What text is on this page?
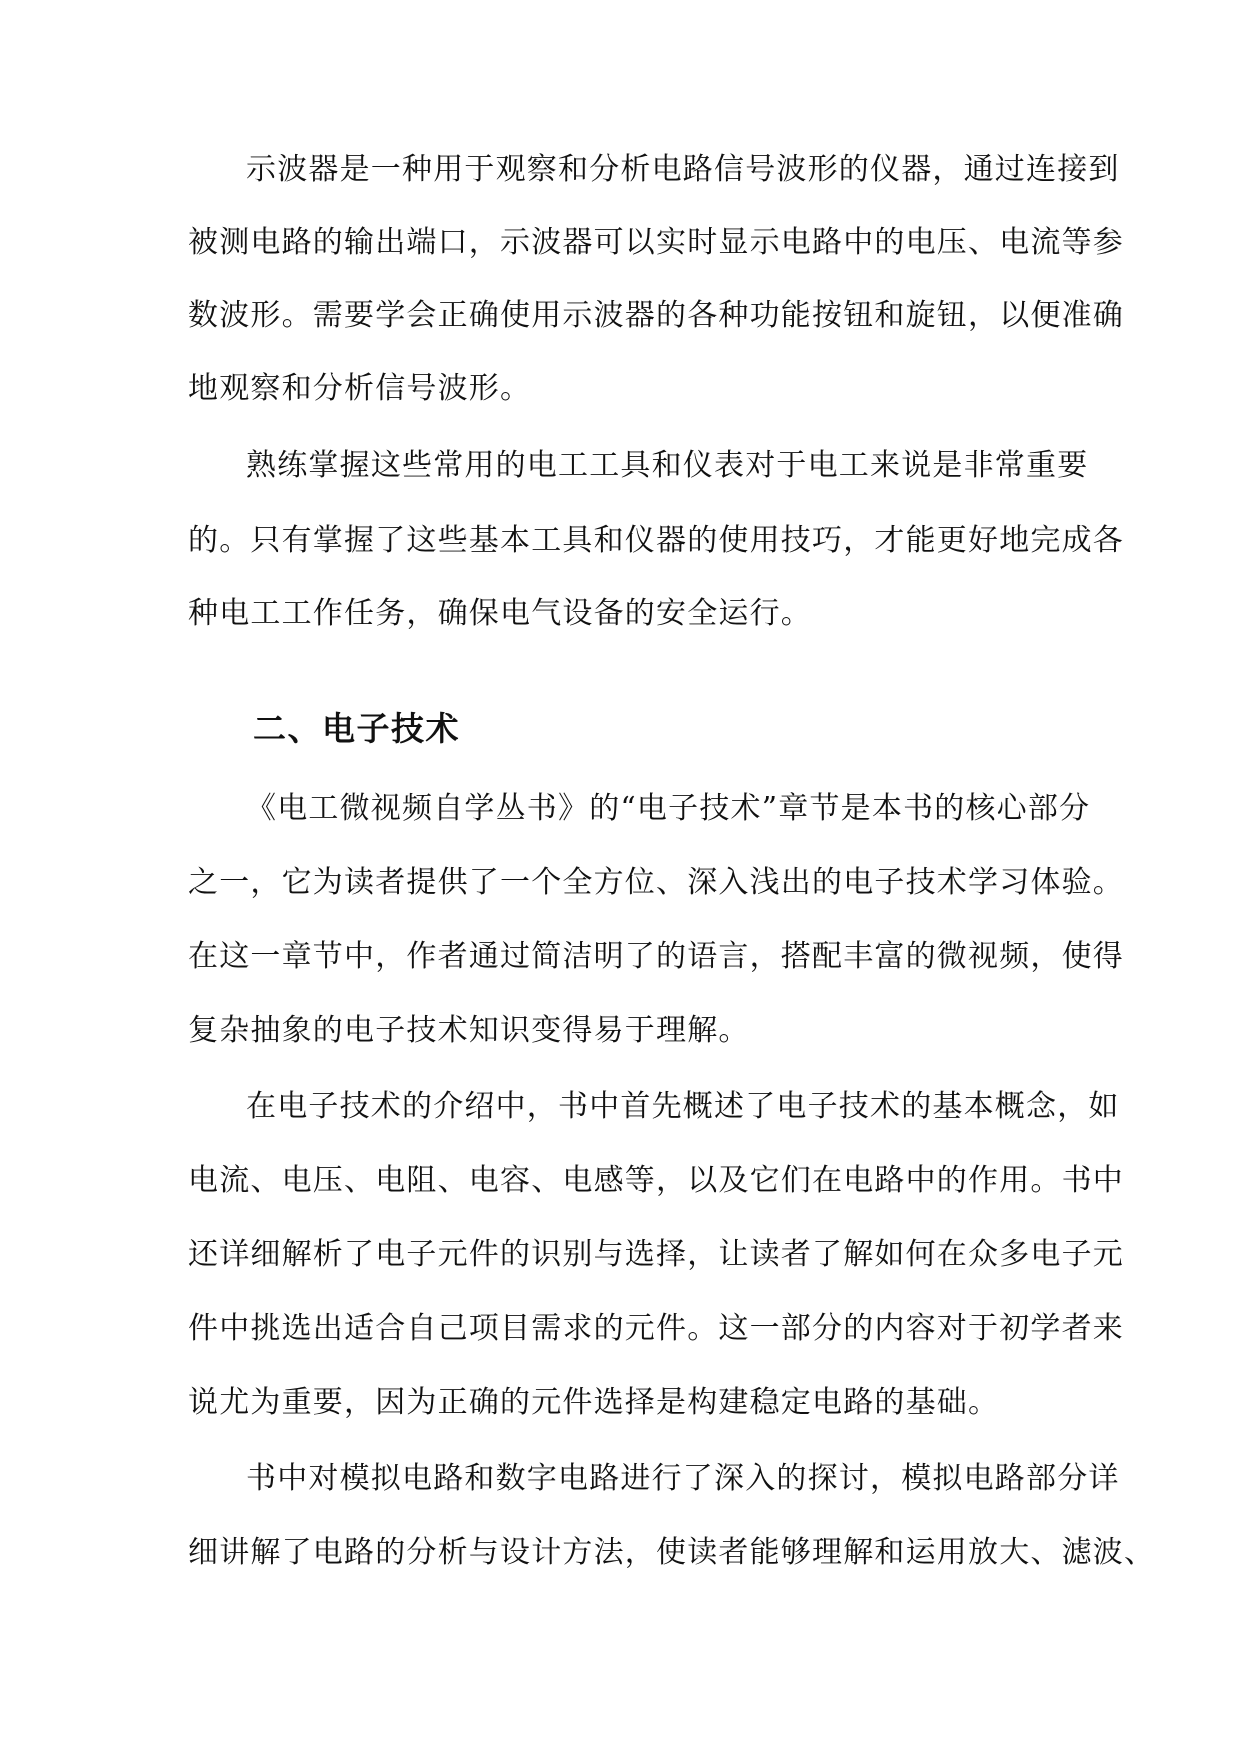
示波器是一种用于观察和分析电路信号波形的仪器，通过连接到
被测电路的输出端口，示波器可以实时显示电路中的电压、电流等参
数波形。需要学会正确使用示波器的各种功能按钮和旋钮，以便准确
地观察和分析信号波形。
熟练掌握这些常用的电工工具和仪表对于电工来说是非常重要
的。只有掌握了这些基本工具和仪器的使用技巧，才能更好地完成各
种电工工作任务，确保电气设备的安全运行。
二、电子技术
《电工微视频自学丛书》的“电子技术”章节是本书的核心部分
之一，它为读者提供了一个全方位、深入浅出的电子技术学习体验。
在这一章节中，作者通过简洁明了的语言，搭配丰富的微视频，使得
复杂抽象的电子技术知识变得易于理解。
在电子技术的介绍中，书中首先概述了电子技术的基本概念，如
电流、电压、电阻、电容、电感等，以及它们在电路中的作用。书中
还详细解析了电子元件的识别与选择，让读者了解如何在众多电子元
件中挑选出适合自己项目需求的元件。这一部分的内容对于初学者来
说尤为重要，因为正确的元件选择是构建稳定电路的基础。
书中对模拟电路和数字电路进行了深入的探讨，模拟电路部分详
细讲解了电路的分析与设计方法，使读者能够理解和运用放大、滤波、
